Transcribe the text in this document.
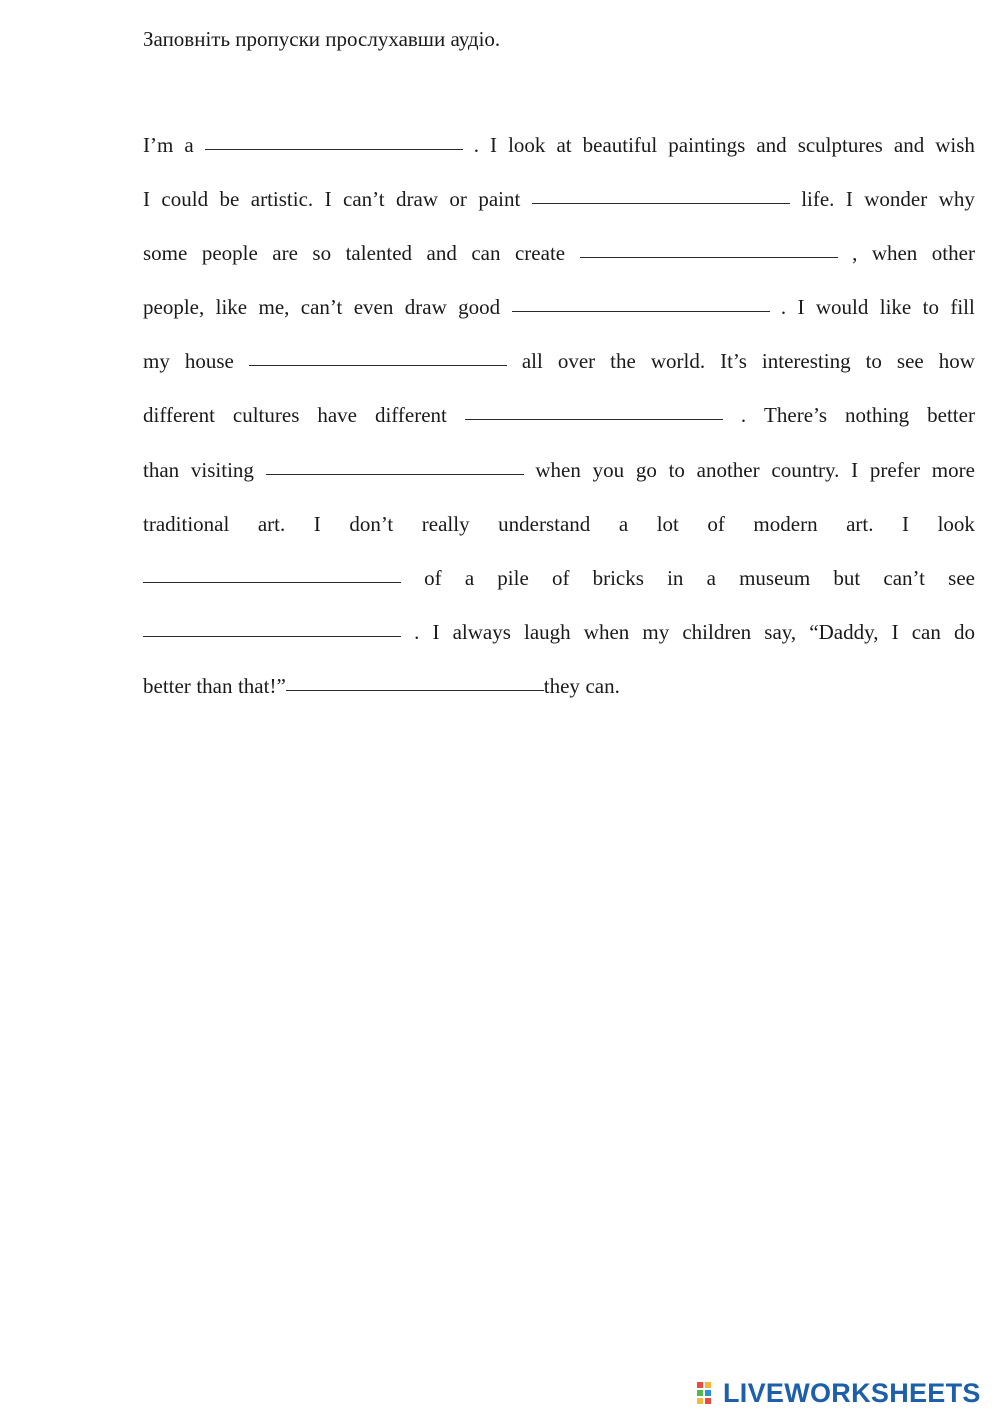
Заповніть пропуски прослухавши аудіо.
I’m a	. I look at beautiful paintings and sculptures and wish
I could be artistic. I can’t draw or paint	life. I wonder why
some people are so talented and can create	, when other
people, like me, can’t even draw good	. I would like to fill
my house	all over the world. It’s interesting to see how
different cultures have different	. There’s nothing better
than visiting	when you go to another country. I prefer more
traditional art. I don’t really understand a lot of modern art. I look
of a pile of bricks in a museum but can’t see
. I always laugh when my children say, “Daddy, I can do
better than that!”	they can.
LIVEWORKSHEETS
